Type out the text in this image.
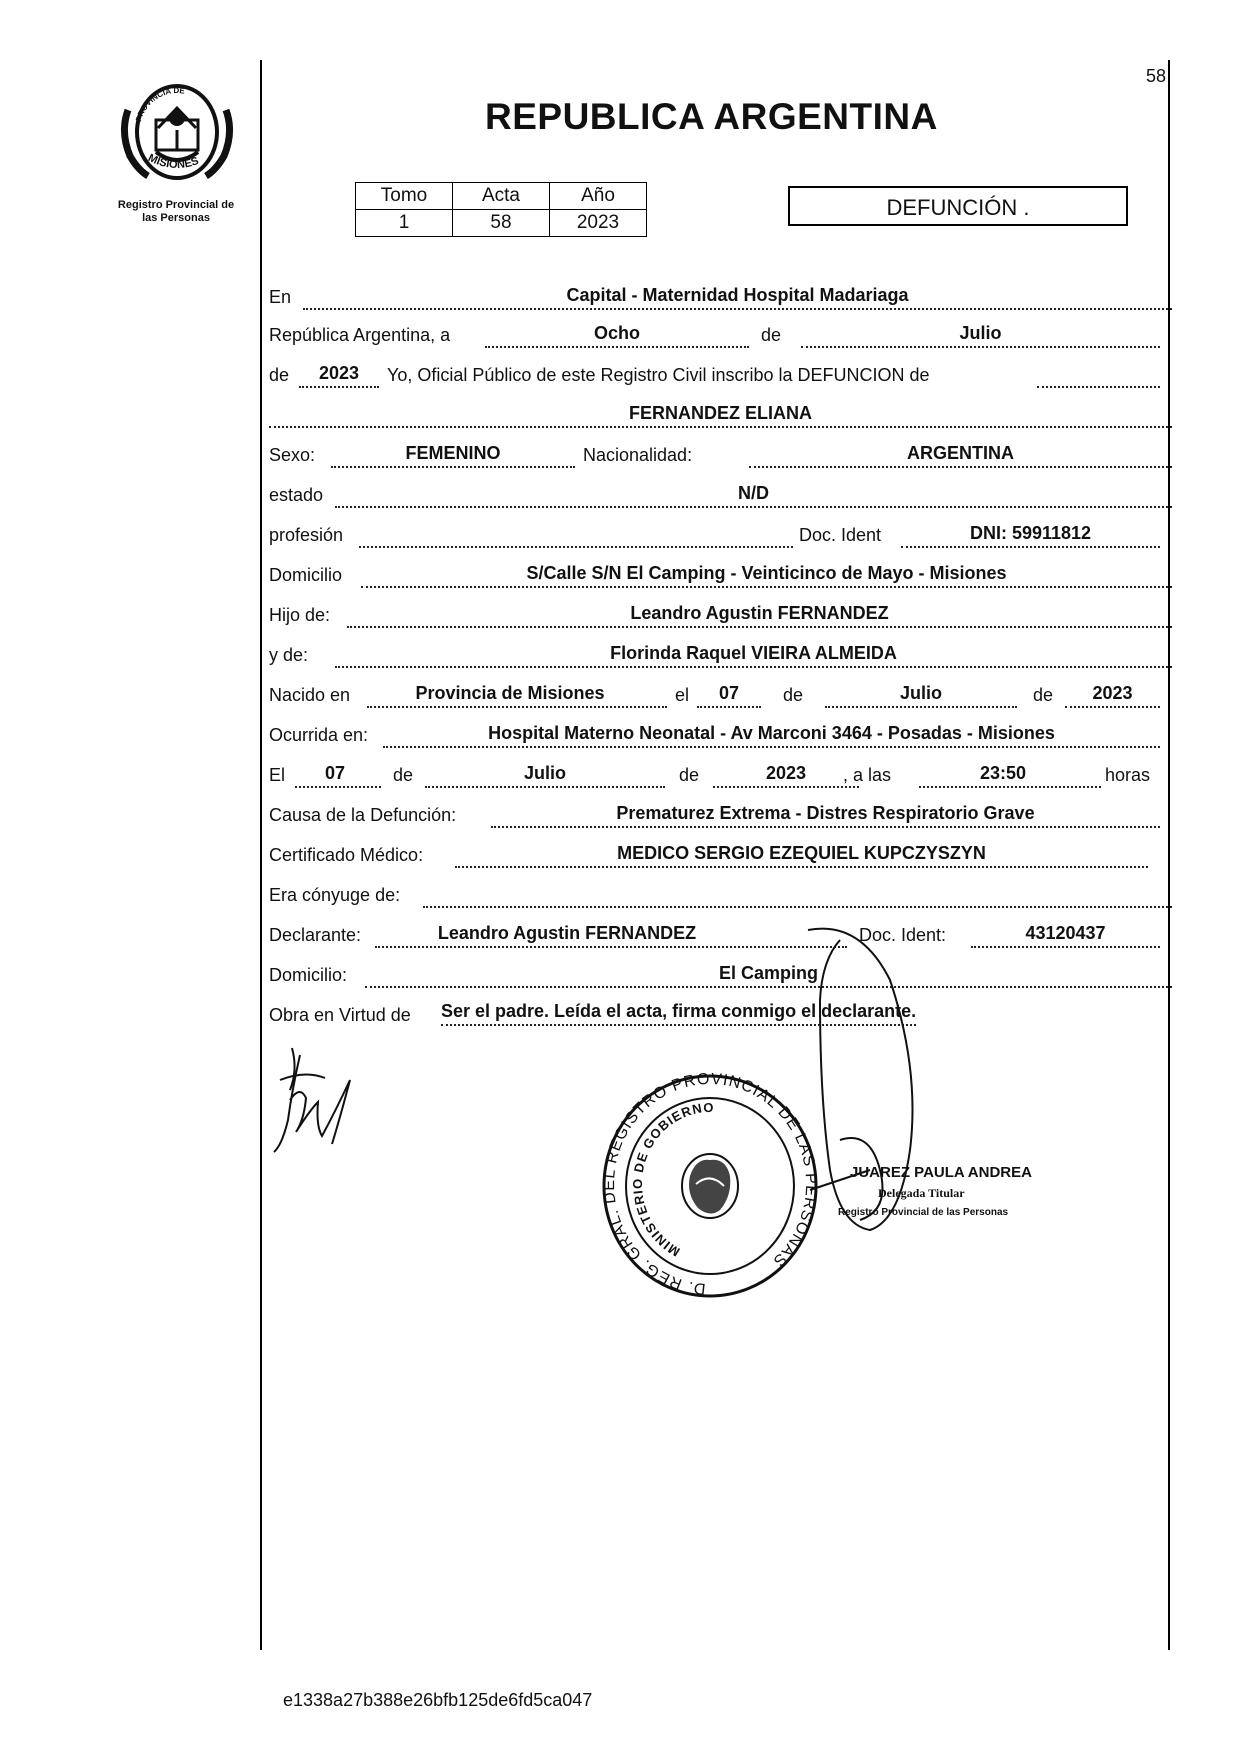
58
PROVINCIA DE
MISIONES
Registro Provincial de
las Personas
REPUBLICA ARGENTINA
Tomo	Acta	Año
1	58	2023
DEFUNCIÓN .
En	Capital - Maternidad Hospital Madariaga
República Argentina, a	Ocho	de	Julio
de	2023	Yo, Oficial Público de este Registro Civil inscribo la DEFUNCION de
FERNANDEZ ELIANA
Sexo:	FEMENINO	Nacionalidad:	ARGENTINA
estado	N/D
profesión	Doc. Ident	DNI: 59911812
Domicilio	S/Calle S/N El Camping - Veinticinco de Mayo - Misiones
Hijo de:	Leandro Agustin FERNANDEZ
y de:	Florinda Raquel VIEIRA ALMEIDA
Nacido en	Provincia de Misiones	el	07	de	Julio	de	2023
Ocurrida en:	Hospital Materno Neonatal - Av Marconi 3464 - Posadas - Misiones
El	07	de	Julio	de	2023	, a las	23:50	horas
Causa de la Defunción:	Prematurez Extrema - Distres Respiratorio Grave
Certificado Médico:	MEDICO SERGIO EZEQUIEL KUPCZYSZYN
Era cónyuge de:
Declarante:	Leandro Agustin FERNANDEZ	Doc. Ident:	43120437
Domicilio:	El Camping
Obra en Virtud de Ser el padre. Leída el acta, firma conmigo el declarante.
D. REG. GRAL. DEL REGISTRO PROVINCIAL DE LAS PERSONAS
MINISTERIO DE GOBIERNO
JUAREZ PAULA ANDREA
Delegada Titular
Registro Provincial de las Personas
e1338a27b388e26bfb125de6fd5ca047
